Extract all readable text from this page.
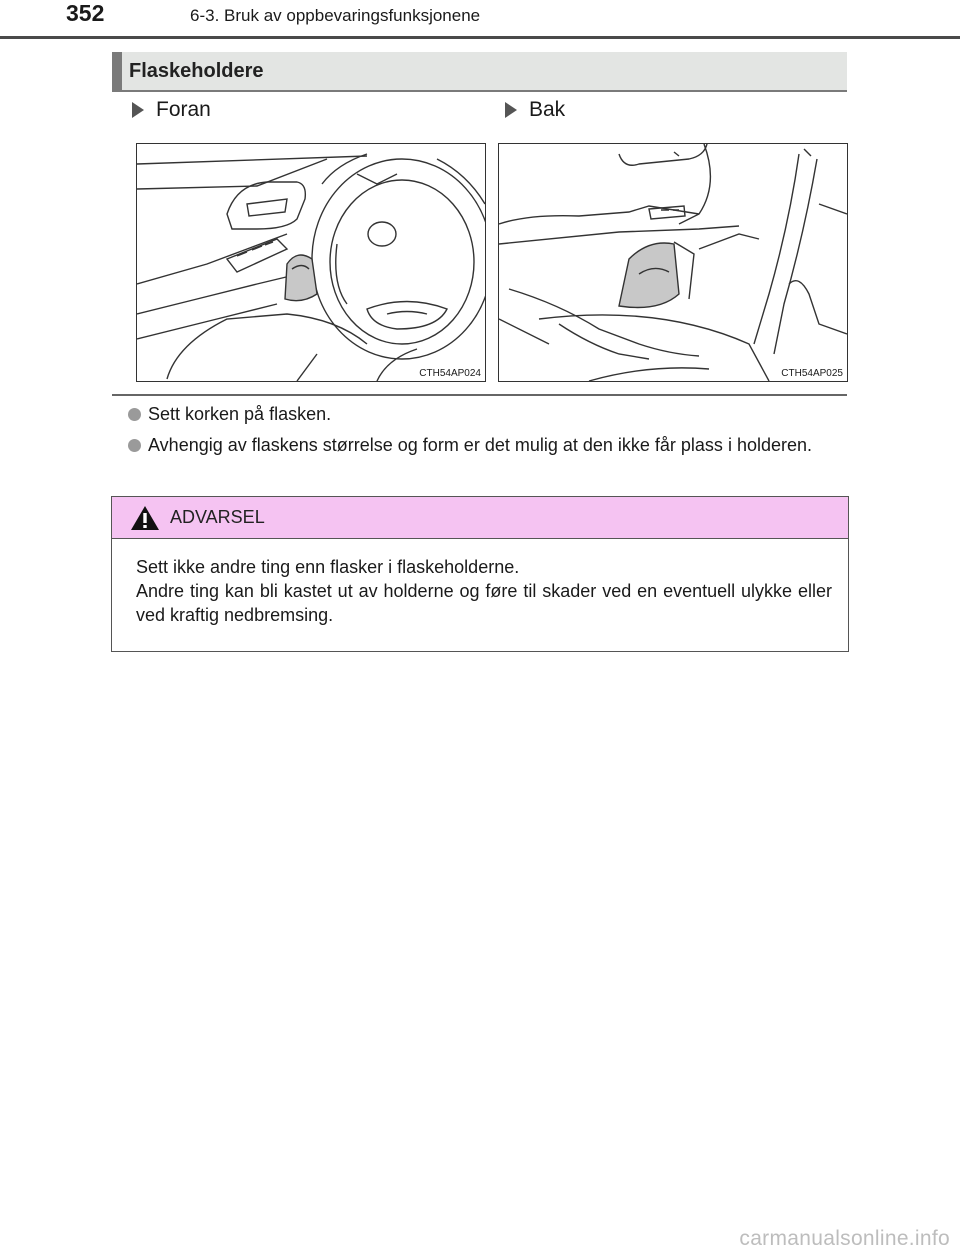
352	6-3. Bruk av oppbevaringsfunksjonene
Flaskeholdere
Foran	Bak
CTH54AP024	CTH54AP025
Sett korken på flasken.
Avhengig av flaskens størrelse og form er det mulig at den ikke får plass i holderen.
ADVARSEL
Sett ikke andre ting enn flasker i flaskeholderne.
Andre ting kan bli kastet ut av holderne og føre til skader ved en eventuell ulykke eller ved kraftig nedbremsing.
carmanualsonline.info
